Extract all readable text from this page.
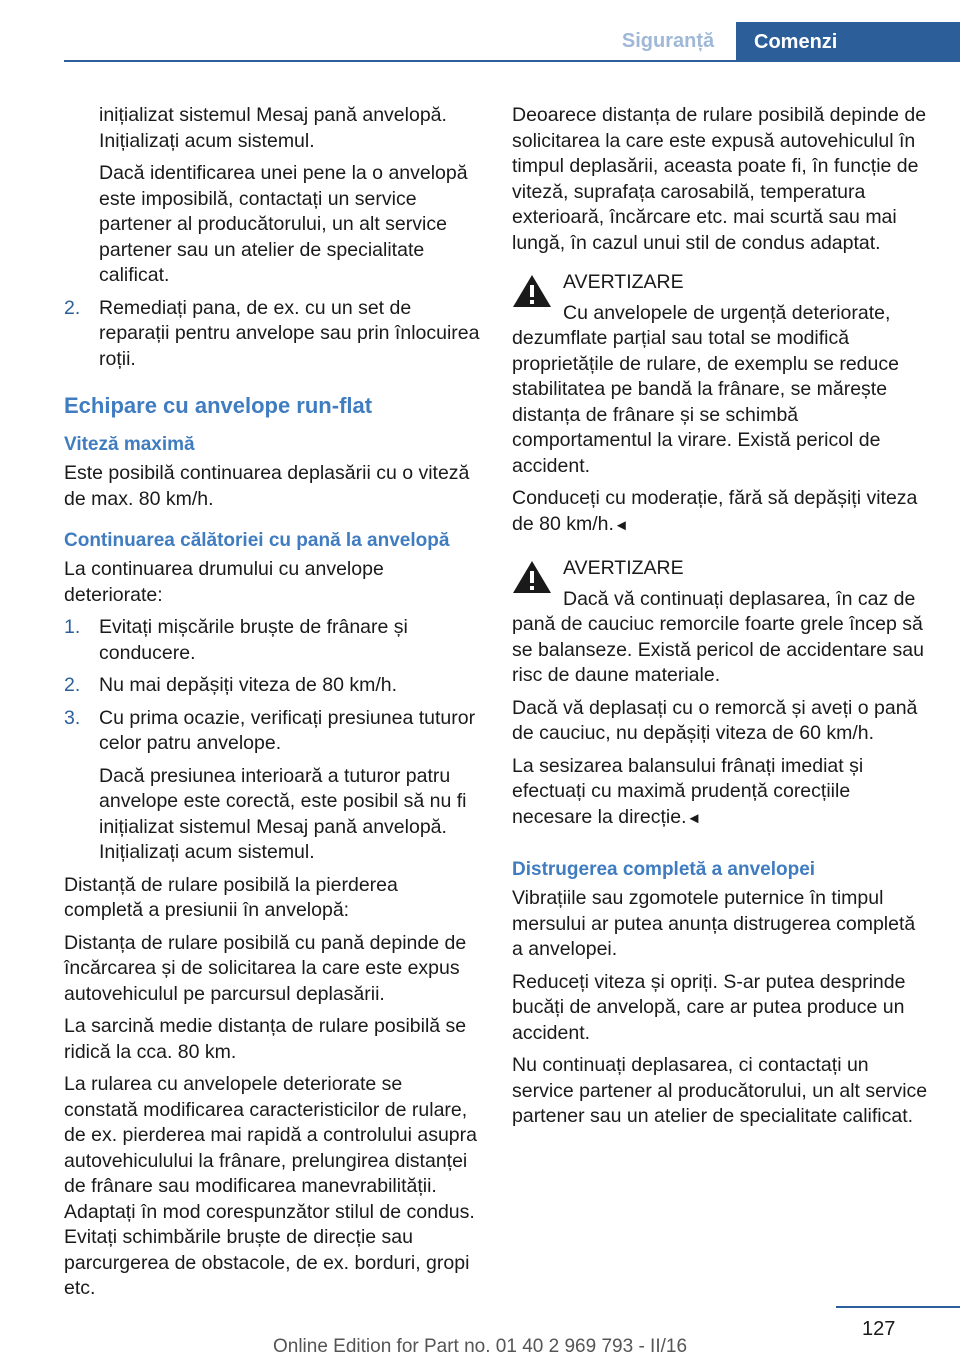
Siguranță	Comenzi

inițializat sistemul Mesaj pană anvelopă. Inițializați acum sistemul.

Dacă identificarea unei pene la o anvelopă este imposibilă, contactați un service partener al producătorului, un alt service partener sau un atelier de specialitate calificat.

2. Remediați pana, de ex. cu un set de reparații pentru anvelope sau prin înlocuirea roții.
Echipare cu anvelope run-flat
Viteză maximă

Este posibilă continuarea deplasării cu o viteză de max. 80 km/h.

Continuarea călătoriei cu pană la anvelopă

La continuarea drumului cu anvelope deteriorate:

1. Evitați mișcările bruște de frânare și conducere.
2. Nu mai depășiți viteza de 80 km/h.
3. Cu prima ocazie, verificați presiunea tuturor celor patru anvelope.

Dacă presiunea interioară a tuturor patru anvelope este corectă, este posibil să nu fi inițializat sistemul Mesaj pană anvelopă. Inițializați acum sistemul.

Distanță de rulare posibilă la pierderea completă a presiunii în anvelopă:

Distanța de rulare posibilă cu pană depinde de încărcarea și de solicitarea la care este expus autovehiculul pe parcursul deplasării.

La sarcină medie distanța de rulare posibilă se ridică la cca. 80 km.

La rularea cu anvelopele deteriorate se constată modificarea caracteristicilor de rulare, de ex. pierderea mai rapidă a controlului asupra autovehiculului la frânare, prelungirea distanței de frânare sau modificarea manevrabilității. Adaptați în mod corespunzător stilul de condus. Evitați schimbările bruște de direcție sau parcurgerea de obstacole, de ex. borduri, gropi etc.

Deoarece distanța de rulare posibilă depinde de solicitarea la care este expusă autovehiculul în timpul deplasării, aceasta poate fi, în funcție de viteză, suprafața carosabilă, temperatura exterioară, încărcare etc. mai scurtă sau mai lungă, în cazul unui stil de condus adaptat.

AVERTIZARE

Cu anvelopele de urgență deteriorate,

dezumflate parțial sau total se modifică proprietățile de rulare, de exemplu se reduce stabilitatea pe bandă la frânare, se mărește distanța de frânare și se schimbă comportamentul la virare. Există pericol de accident.

Conduceți cu moderație, fără să depășiți viteza de 80 km/h.◄

AVERTIZARE

Dacă vă continuați deplasarea, în caz de

pană de cauciuc remorcile foarte grele încep să se balanseze. Există pericol de accidentare sau risc de daune materiale.

Dacă vă deplasați cu o remorcă și aveți o pană de cauciuc, nu depășiți viteza de 60 km/h.

La sesizarea balansului frânați imediat și efectuați cu maximă prudență corecțiile necesare la direcție.◄

Distrugerea completă a anvelopei

Vibrațiile sau zgomotele puternice în timpul mersului ar putea anunța distrugerea completă a anvelopei.

Reduceți viteza și opriți. S-ar putea desprinde bucăți de anvelopă, care ar putea produce un accident.

Nu continuați deplasarea, ci contactați un service partener al producătorului, un alt service partener sau un atelier de specialitate calificat.

127
Online Edition for Part no. 01 40 2 969 793 - II/16
